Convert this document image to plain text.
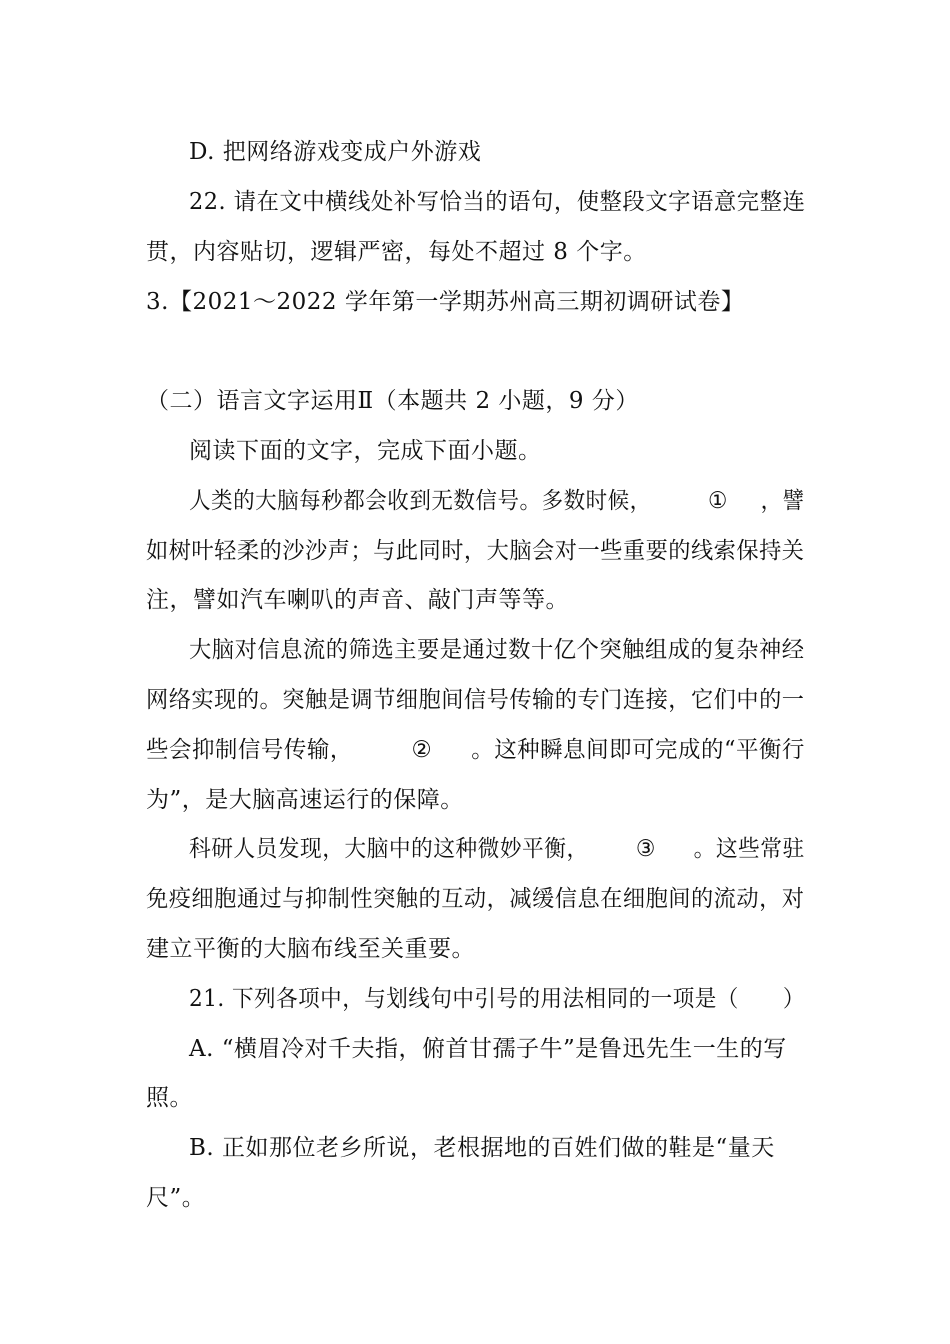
D. 把网络游戏变成户外游戏
22. 请在文中横线处补写恰当的语句，使整段文字语意完整连
贯，内容贴切，逻辑严密，每处不超过 8 个字。
3.【2021～2022 学年第一学期苏州高三期初调研试卷】
（二）语言文字运用Ⅱ（本题共 2 小题，9 分）
阅读下面的文字，完成下面小题。
人类的大脑每秒都会收到无数信号。多数时候， ① ，譬
如树叶轻柔的沙沙声；与此同时，大脑会对一些重要的线索保持关
注，譬如汽车喇叭的声音、敲门声等等。
大脑对信息流的筛选主要是通过数十亿个突触组成的复杂神经
网络实现的。突触是调节细胞间信号传输的专门连接，它们中的一
些会抑制信号传输，	② 。这种瞬息间即可完成的“平衡行
为”，是大脑高速运行的保障。
科研人员发现，大脑中的这种微妙平衡， ③ 。这些常驻
免疫细胞通过与抑制性突触的互动，减缓信息在细胞间的流动，对
建立平衡的大脑布线至关重要。
21. 下列各项中，与划线句中引号的用法相同的一项是（　　）
A. “横眉冷对千夫指，俯首甘孺子牛”是鲁迅先生一生的写
照。
B. 正如那位老乡所说，老根据地的百姓们做的鞋是“量天
尺”。
